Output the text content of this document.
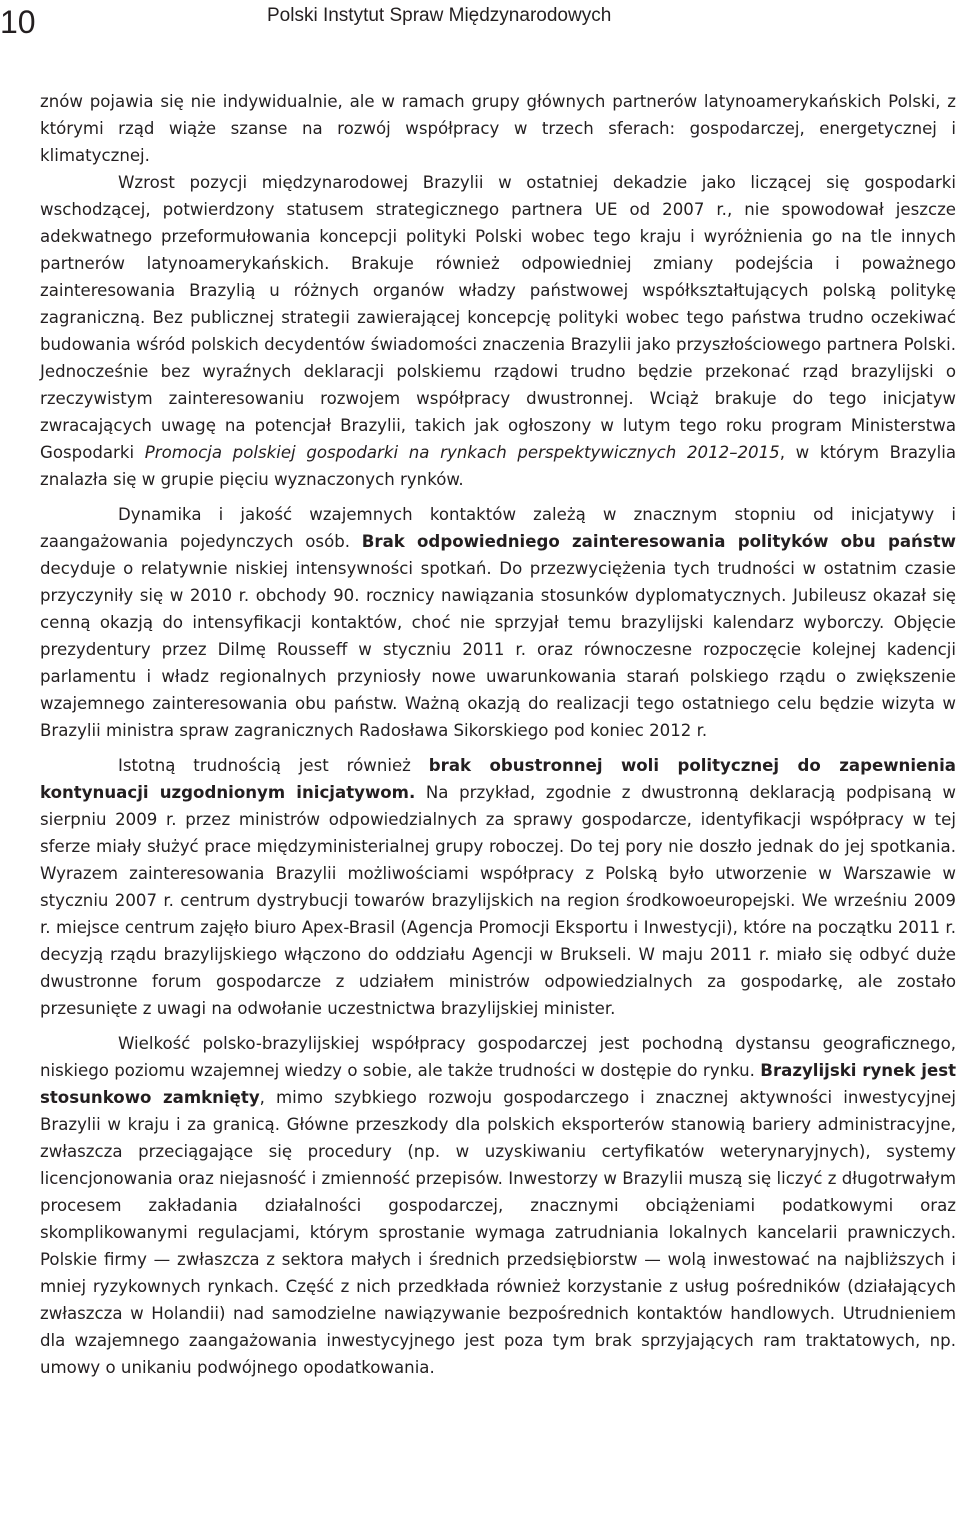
10	Polski Instytut Spraw Międzynarodowych

znów pojawia się nie indywidualnie, ale w ramach grupy głównych partnerów latynoamerykańskich Polski, z którymi rząd wiąże szanse na rozwój współpracy w trzech sferach: gospodarczej, energetycznej i klimatycznej.

Wzrost pozycji międzynarodowej Brazylii w ostatniej dekadzie jako liczącej się gospodarki wschodzącej, potwierdzony statusem strategicznego partnera UE od 2007 r., nie spowodował jeszcze adekwatnego przeformułowania koncepcji polityki Polski wobec tego kraju i wyróżnienia go na tle innych partnerów latynoamerykańskich. Brakuje również odpowiedniej zmiany podejścia i poważnego zainteresowania Brazylią u różnych organów władzy państwowej współkształtujących polską politykę zagraniczną. Bez publicznej strategii zawierającej koncepcję polityki wobec tego państwa trudno oczekiwać budowania wśród polskich decydentów świadomości znaczenia Brazylii jako przyszłościowego partnera Polski. Jednocześnie bez wyraźnych deklaracji polskiemu rządowi trudno będzie przekonać rząd brazylijski o rzeczywistym zainteresowaniu rozwojem współpracy dwustronnej. Wciąż brakuje do tego inicjatyw zwracających uwagę na potencjał Brazylii, takich jak ogłoszony w lutym tego roku program Ministerstwa Gospodarki Promocja polskiej gospodarki na rynkach perspektywicznych 2012–2015, w którym Brazylia znalazła się w grupie pięciu wyznaczonych rynków.

Dynamika i jakość wzajemnych kontaktów zależą w znacznym stopniu od inicjatywy i zaangażowania pojedynczych osób. Brak odpowiedniego zainteresowania polityków obu państw decyduje o relatywnie niskiej intensywności spotkań. Do przezwyciężenia tych trudności w ostatnim czasie przyczyniły się w 2010 r. obchody 90. rocznicy nawiązania stosunków dyplomatycznych. Jubileusz okazał się cenną okazją do intensyfikacji kontaktów, choć nie sprzyjał temu brazylijski kalendarz wyborczy. Objęcie prezydentury przez Dilmę Rousseff w styczniu 2011 r. oraz równoczesne rozpoczęcie kolejnej kadencji parlamentu i władz regionalnych przyniosły nowe uwarunkowania starań polskiego rządu o zwiększenie wzajemnego zainteresowania obu państw. Ważną okazją do realizacji tego ostatniego celu będzie wizyta w Brazylii ministra spraw zagranicznych Radosława Sikorskiego pod koniec 2012 r.

Istotną trudnością jest również brak obustronnej woli politycznej do zapewnienia kontynuacji uzgodnionym inicjatywom. Na przykład, zgodnie z dwustronną deklaracją podpisaną w sierpniu 2009 r. przez ministrów odpowiedzialnych za sprawy gospodarcze, identyfikacji współpracy w tej sferze miały służyć prace międzyministerialnej grupy roboczej. Do tej pory nie doszło jednak do jej spotkania. Wyrazem zainteresowania Brazylii możliwościami współpracy z Polską było utworzenie w Warszawie w styczniu 2007 r. centrum dystrybucji towarów brazylijskich na region środkowoeuropejski. We wrześniu 2009 r. miejsce centrum zajęło biuro Apex-Brasil (Agencja Promocji Eksportu i Inwestycji), które na początku 2011 r. decyzją rządu brazylijskiego włączono do oddziału Agencji w Brukseli. W maju 2011 r. miało się odbyć duże dwustronne forum gospodarcze z udziałem ministrów odpowiedzialnych za gospodarkę, ale zostało przesunięte z uwagi na odwołanie uczestnictwa brazylijskiej minister.

Wielkość polsko-brazylijskiej współpracy gospodarczej jest pochodną dystansu geograficznego, niskiego poziomu wzajemnej wiedzy o sobie, ale także trudności w dostępie do rynku. Brazylijski rynek jest stosunkowo zamknięty, mimo szybkiego rozwoju gospodarczego i znacznej aktywności inwestycyjnej Brazylii w kraju i za granicą. Główne przeszkody dla polskich eksporterów stanowią bariery administracyjne, zwłaszcza przeciągające się procedury (np. w uzyskiwaniu certyfikatów weterynaryjnych), systemy licencjonowania oraz niejasność i zmienność przepisów. Inwestorzy w Brazylii muszą się liczyć z długotrwałym procesem zakładania działalności gospodarczej, znacznymi obciążeniami podatkowymi oraz skomplikowanymi regulacjami, którym sprostanie wymaga zatrudniania lokalnych kancelarii prawniczych. Polskie firmy — zwłaszcza z sektora małych i średnich przedsiębiorstw — wolą inwestować na najbliższych i mniej ryzykownych rynkach. Część z nich przedkłada również korzystanie z usług pośredników (działających zwłaszcza w Holandii) nad samodzielne nawiązywanie bezpośrednich kontaktów handlowych. Utrudnieniem dla wzajemnego zaangażowania inwestycyjnego jest poza tym brak sprzyjających ram traktatowych, np. umowy o unikaniu podwójnego opodatkowania.
